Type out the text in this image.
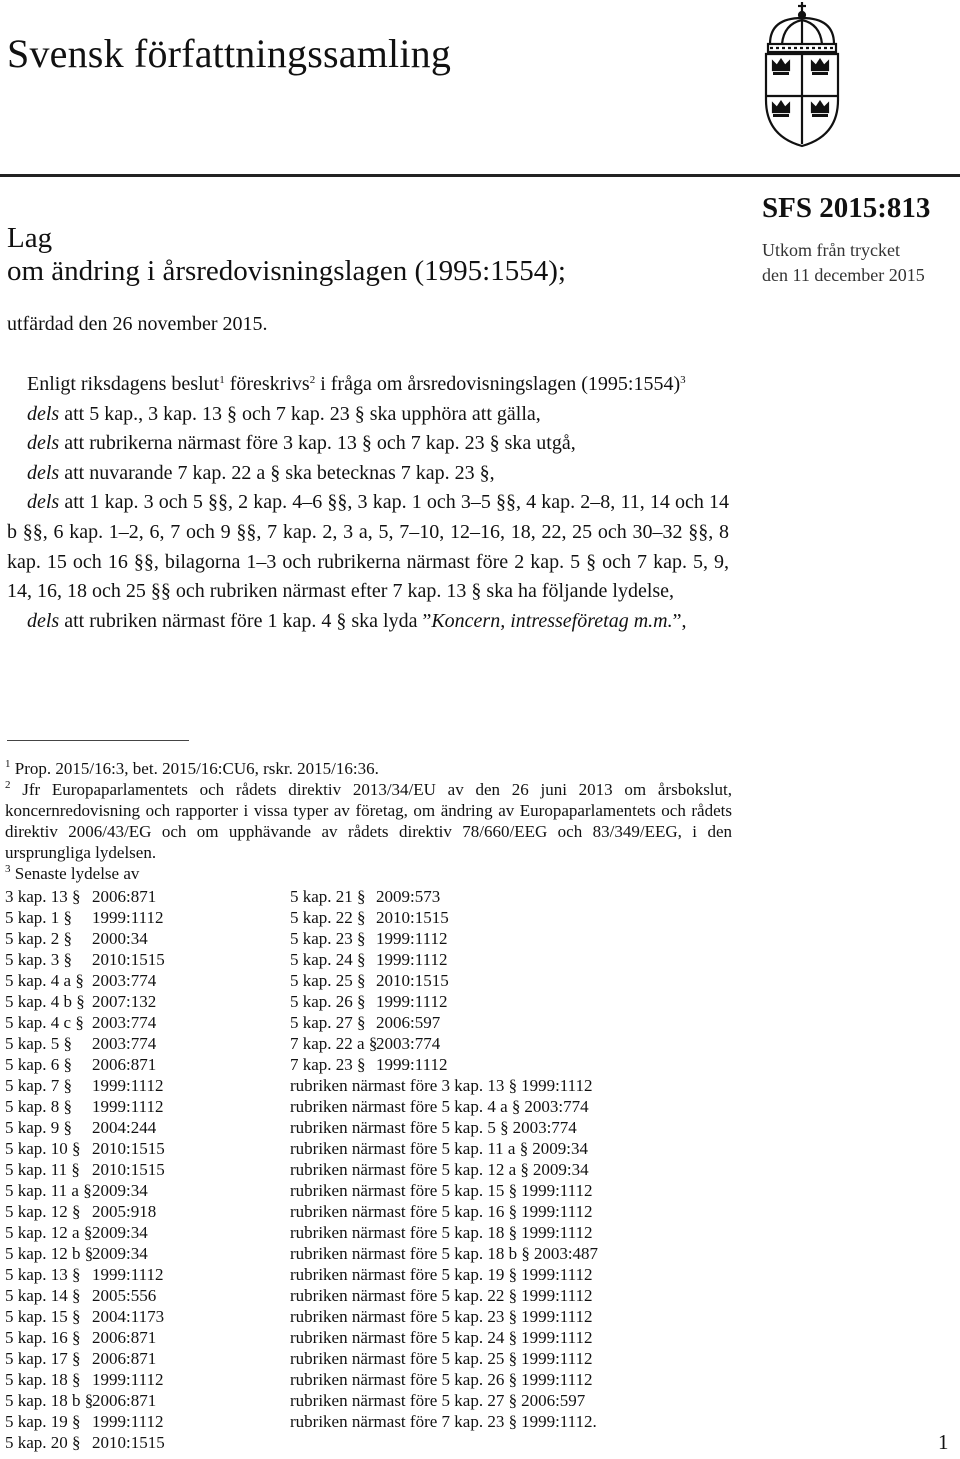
Svensk författningssamling
SFS 2015:813
Utkom från trycket
den 11 december 2015
Lag
om ändring i årsredovisningslagen (1995:1554);
utfärdad den 26 november 2015.

Enligt riksdagens beslut$^1$ föreskrivs$^2$ i fråga om årsredovisningslagen (1995:1554)$^3$

dels att 5 kap., 3 kap. 13 § och 7 kap. 23 § ska upphöra att gälla,

dels att rubrikerna närmast före 3 kap. 13 § och 7 kap. 23 § ska utgå,

dels att nuvarande 7 kap. 22 a § ska betecknas 7 kap. 23 §,

dels att 1 kap. 3 och 5 §§, 2 kap. 4–6 §§, 3 kap. 1 och 3–5 §§, 4 kap. 2–8, 11, 14 och 14 b §§, 6 kap. 1–2, 6, 7 och 9 §§, 7 kap. 2, 3 a, 5, 7–10, 12–16, 18, 22, 25 och 30–32 §§, 8 kap. 15 och 16 §§, bilagorna 1–3 och rubrikerna närmast före 2 kap. 5 § och 7 kap. 5, 9, 14, 16, 18 och 25 §§ och rubriken närmast efter 7 kap. 13 § ska ha följande lydelse,

dels att rubriken närmast före 1 kap. 4 § ska lyda ”Koncern, intresseföretag m.m.”,

$^1$ Prop. 2015/16:3, bet. 2015/16:CU6, rskr. 2015/16:36.

$^2$ Jfr Europaparlamentets och rådets direktiv 2013/34/EU av den 26 juni 2013 om årsbokslut, koncernredovisning och rapporter i vissa typer av företag, om ändring av Europaparlamentets och rådets direktiv 2006/43/EG och om upphävande av rådets direktiv 78/660/EEG och 83/349/EEG, i den ursprungliga lydelsen.

$^3$ Senaste lydelse av

3 kap. 13 § 2006:871
5 kap. 1 § 1999:1112
5 kap. 2 § 2000:34
5 kap. 3 § 2010:1515
5 kap. 4 a § 2003:774
5 kap. 4 b § 2007:132
5 kap. 4 c § 2003:774
5 kap. 5 § 2003:774
5 kap. 6 § 2006:871
5 kap. 7 § 1999:1112
5 kap. 8 § 1999:1112
5 kap. 9 § 2004:244
5 kap. 10 § 2010:1515
5 kap. 11 § 2010:1515
5 kap. 11 a § 2009:34
5 kap. 12 § 2005:918
5 kap. 12 a § 2009:34
5 kap. 12 b §
2009:34
5 kap. 13 § 1999:1112
5 kap. 14 § 2005:556
5 kap. 15 § 2004:1173
5 kap. 16 § 2006:871
5 kap. 17 § 2006:871
5 kap. 18 § 1999:1112
5 kap. 18 b §
2006:871
5 kap. 19 § 1999:1112
5 kap. 20 § 2010:1515
5 kap. 21 § 2009:573
5 kap. 22 § 2010:1515
5 kap. 23 § 1999:1112
5 kap. 24 § 1999:1112
5 kap. 25 § 2010:1515
5 kap. 26 § 1999:1112
5 kap. 27 § 2006:597
7 kap. 22 a §
2003:774
7 kap. 23 § 1999:1112
rubriken närmast före 3 kap. 13 § 1999:1112
rubriken närmast före 5 kap. 4 a § 2003:774
rubriken närmast före 5 kap. 5 § 2003:774
rubriken närmast före 5 kap. 11 a § 2009:34
rubriken närmast före 5 kap. 12 a § 2009:34
rubriken närmast före 5 kap. 15 § 1999:1112
rubriken närmast före 5 kap. 16 § 1999:1112
rubriken närmast före 5 kap. 18 § 1999:1112
rubriken närmast före 5 kap. 18 b § 2003:487
rubriken närmast före 5 kap. 19 § 1999:1112
rubriken närmast före 5 kap. 22 § 1999:1112
rubriken närmast före 5 kap. 23 § 1999:1112
rubriken närmast före 5 kap. 24 § 1999:1112
rubriken närmast före 5 kap. 25 § 1999:1112
rubriken närmast före 5 kap. 26 § 1999:1112
rubriken närmast före 5 kap. 27 § 2006:597
rubriken närmast före 7 kap. 23 § 1999:1112.
1
